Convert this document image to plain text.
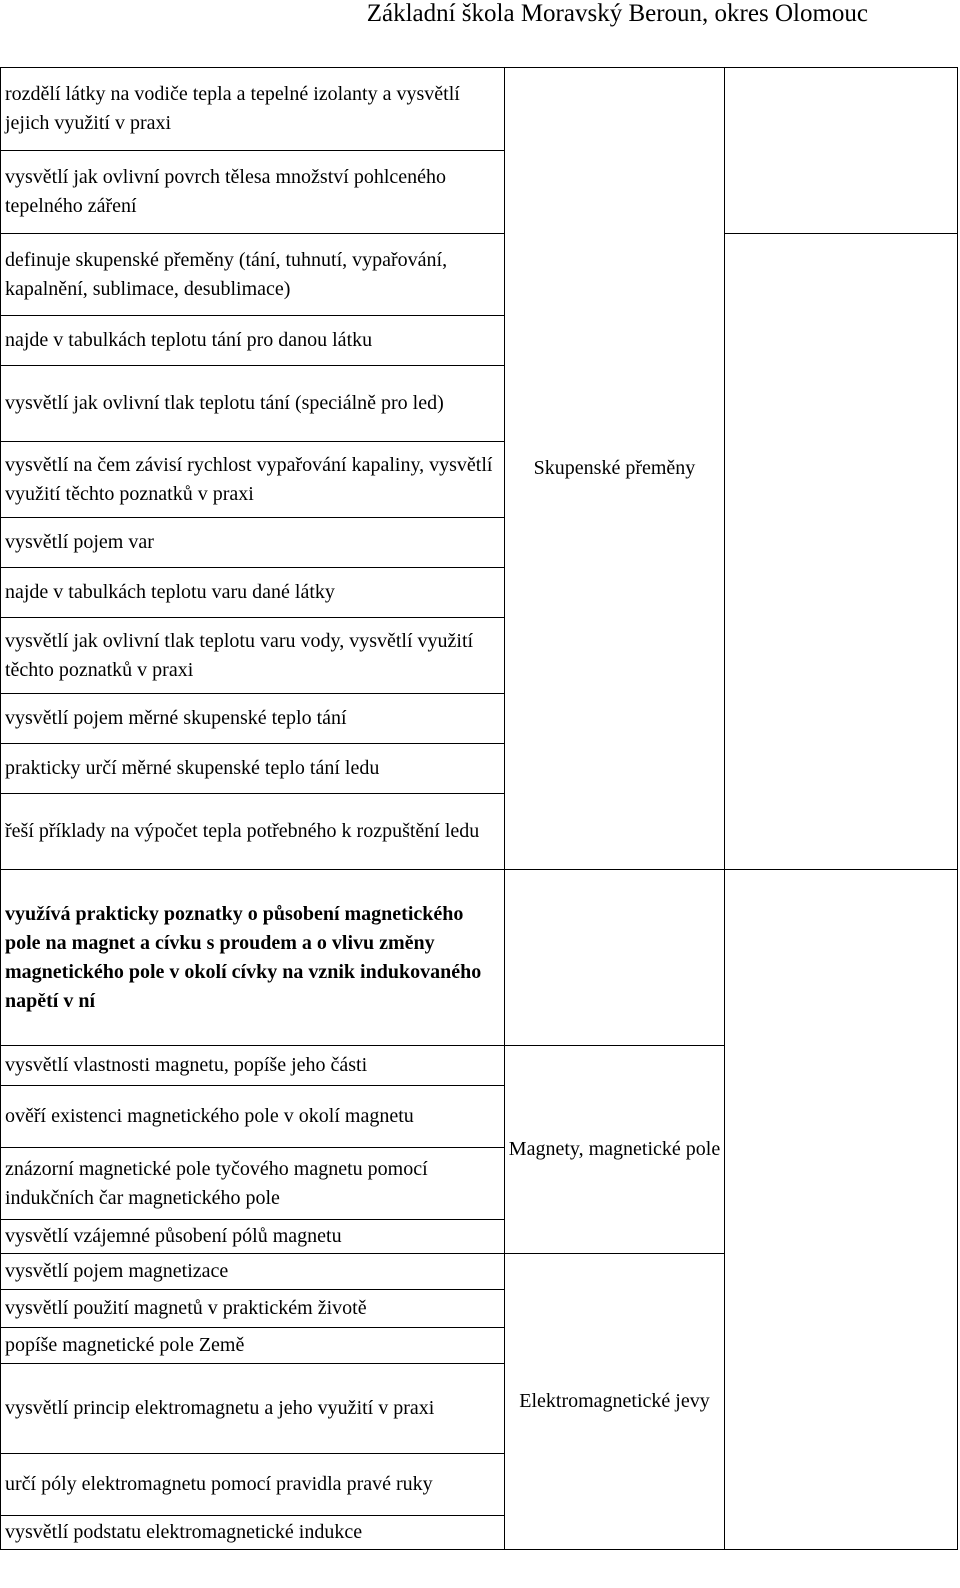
Základní škola Moravský Beroun, okres Olomouc
rozdělí látky na vodiče tepla a tepelné izolanty a vysvětlí jejich využití v praxi	Skupenské přeměny	
vysvětlí jak ovlivní povrch tělesa množství pohlceného tepelného záření		
definuje skupenské přeměny (tání, tuhnutí, vypařování, kapalnění, sublimace, desublimace)		
najde v tabulkách teplotu tání pro danou látku		
vysvětlí jak ovlivní tlak teplotu tání (speciálně pro led)		
vysvětlí na čem závisí rychlost vypařování kapaliny, vysvětlí využití těchto poznatků v praxi		
vysvětlí pojem var		
najde v tabulkách teplotu varu dané látky		
vysvětlí jak ovlivní tlak teplotu varu vody, vysvětlí využití těchto poznatků v praxi		
vysvětlí pojem měrné skupenské teplo tání		
prakticky určí měrné skupenské teplo tání ledu		
řeší příklady na výpočet tepla potřebného k rozpuštění ledu		
využívá prakticky poznatky o působení magnetického pole na magnet a cívku s proudem a o vlivu změny magnetického pole v okolí cívky na vznik indukovaného napětí v ní		
vysvětlí vlastnosti magnetu, popíše jeho části	Magnety, magnetické pole	
ověří existenci magnetického pole v okolí magnetu		
znázorní magnetické pole tyčového magnetu pomocí indukčních čar magnetického pole		
vysvětlí vzájemné působení pólů magnetu		
vysvětlí pojem magnetizace	Elektromagnetické jevy	
vysvětlí použití magnetů v praktickém životě		
popíše magnetické pole Země		
vysvětlí princip elektromagnetu a jeho využití v praxi		
určí póly elektromagnetu pomocí pravidla pravé ruky		
vysvětlí podstatu elektromagnetické indukce		
